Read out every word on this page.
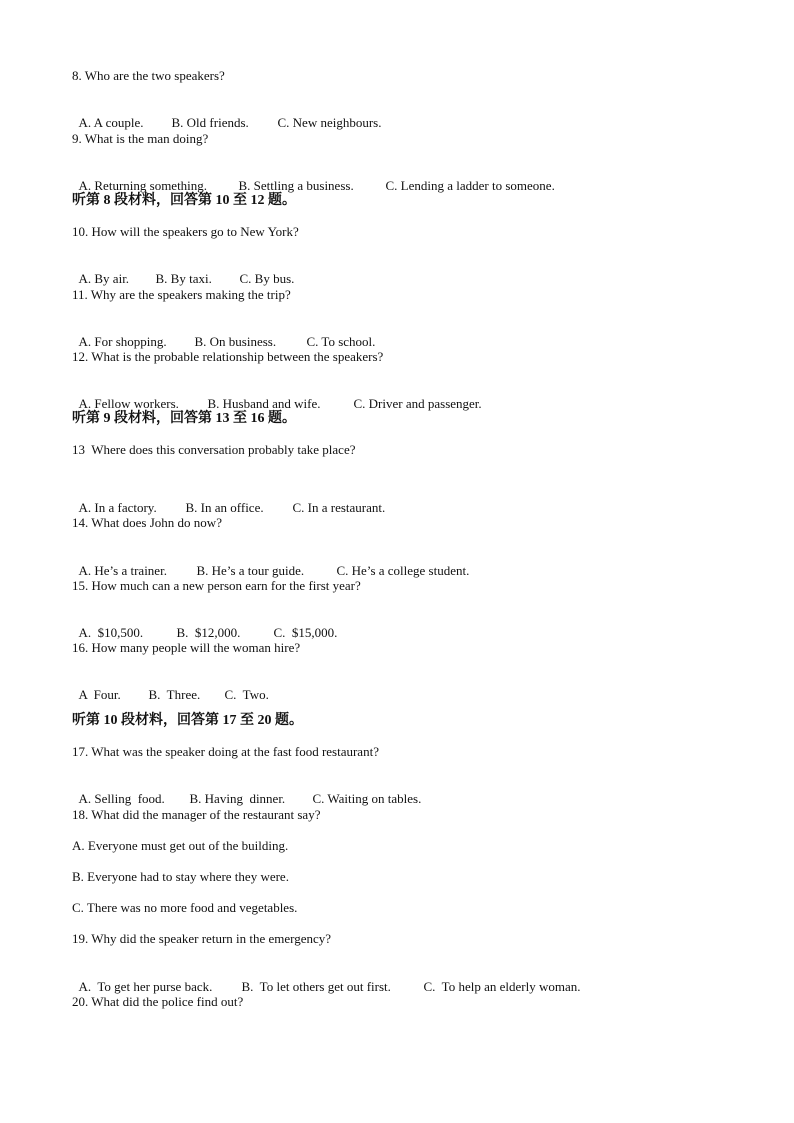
8. Who are the two speakers?

A. A couple. B. Old friends. C. New neighbours.

9. What is the man doing?

A. Returning something. B. Settling a business. C. Lending a ladder to someone.

听第 8 段材料，回答第 10 至 12 题。
10. How will the speakers go to New York?

A. By air. B. By taxi. C. By bus.

11. Why are the speakers making the trip?

A. For shopping. B. On business. C. To school.

12. What is the probable relationship between the speakers?

A. Fellow workers. B. Husband and wife.	C. Driver and passenger.

听第 9 段材料，回答第 13 至 16 题。
13  Where does this conversation probably take place?

A. In a factory. B. In an office. C. In a restaurant.

14. What does John do now?

A. He’s a trainer. B. He’s a tour guide. C. He’s a college student.

15. How much can a new person earn for the first year?

A.  $10,500.	B.  $12,000.	C.  $15,000.

16. How many people will the woman hire?

A  Four. B.  Three. C.  Two.

听第 10 段材料，回答第 17 至 20 题。
17. What was the speaker doing at the fast food restaurant?

A. Selling  food. B. Having  dinner. C. Waiting on tables.

18. What did the manager of the restaurant say?
A. Everyone must get out of the building.
B. Everyone had to stay where they were.
C. There was no more food and vegetables.
19. Why did the speaker return in the emergency?

A.  To get her purse back. B.  To let others get out first.	C.  To help an elderly woman.

20. What did the police find out?
